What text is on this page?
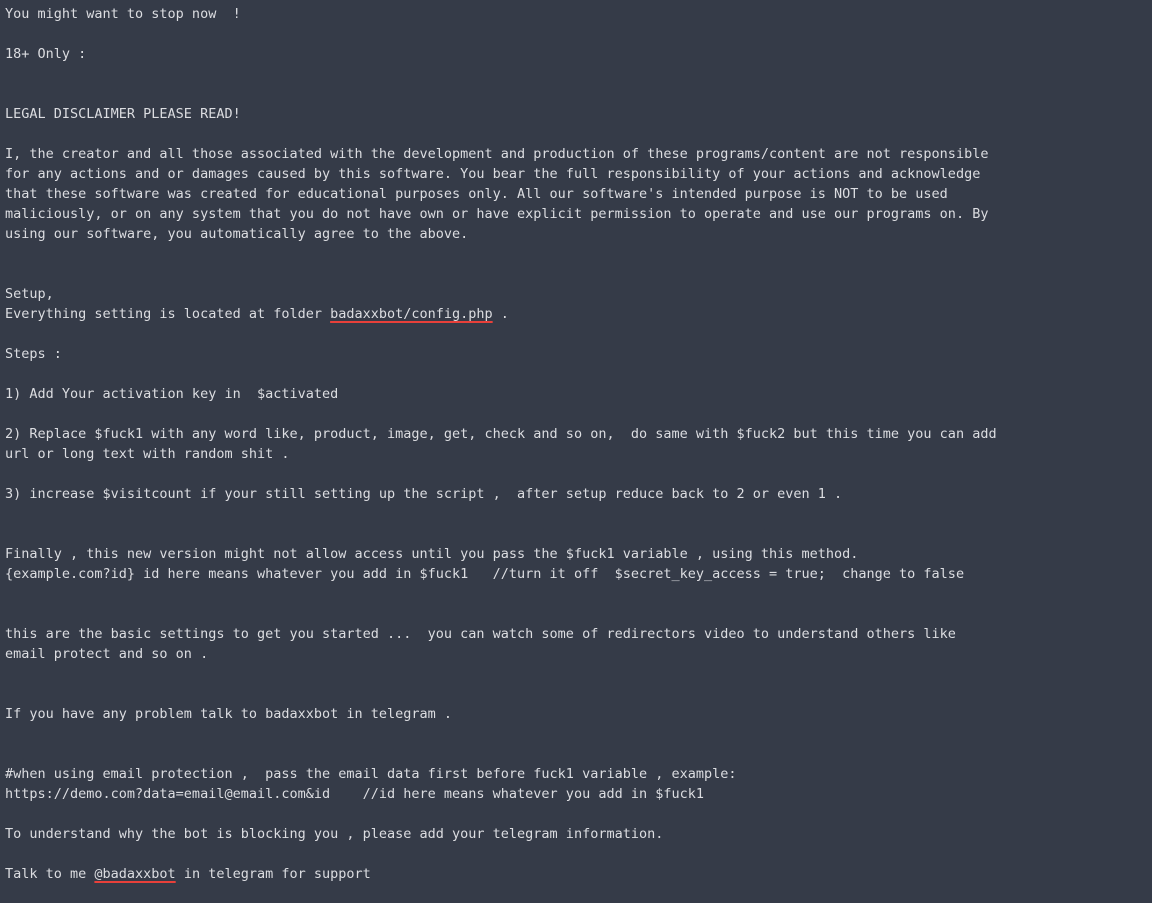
You might want to stop now  !
18+ Only :
LEGAL DISCLAIMER PLEASE READ!
I, the creator and all those associated with the development and production of these programs/content are not responsible
for any actions and or damages caused by this software. You bear the full responsibility of your actions and acknowledge
that these software was created for educational purposes only. All our software's intended purpose is NOT to be used
maliciously, or on any system that you do not have own or have explicit permission to operate and use our programs on. By
using our software, you automatically agree to the above.
Setup,
Everything setting is located at folder badaxxbot/config.php .
Steps :
1) Add Your activation key in  $activated
2) Replace $fuck1 with any word like, product, image, get, check and so on,  do same with $fuck2 but this time you can add
url or long text with random shit .
3) increase $visitcount if your still setting up the script ,  after setup reduce back to 2 or even 1 .
Finally , this new version might not allow access until you pass the $fuck1 variable , using this method.
{example.com?id} id here means whatever you add in $fuck1   //turn it off  $secret_key_access = true;  change to false
this are the basic settings to get you started ...  you can watch some of redirectors video to understand others like
email protect and so on .
If you have any problem talk to badaxxbot in telegram .
#when using email protection ,  pass the email data first before fuck1 variable , example:
https://demo.com?data=email@email.com&id    //id here means whatever you add in $fuck1
To understand why the bot is blocking you , please add your telegram information.
Talk to me @badaxxbot in telegram for support
